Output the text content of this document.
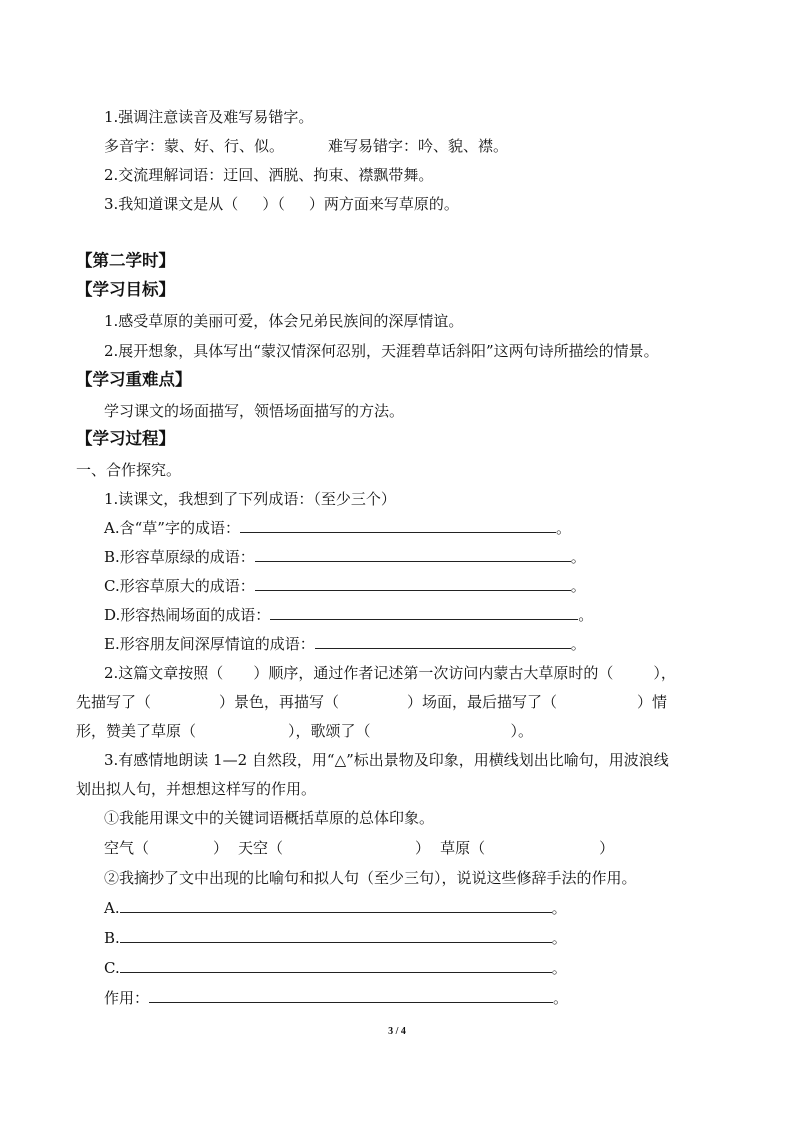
1.强调注意读音及难写易错字。
多音字：蒙、好、行、似。	难写易错字：吟、貌、襟。
2.交流理解词语：迂回、洒脱、拘束、襟飘带舞。
3.我知道课文是从（ ）（ ）两方面来写草原的。
【第二学时】
【学习目标】
1.感受草原的美丽可爱，体会兄弟民族间的深厚情谊。
2.展开想象，具体写出“蒙汉情深何忍别，天涯碧草话斜阳”这两句诗所描绘的情景。
【学习重难点】
学习课文的场面描写，领悟场面描写的方法。
【学习过程】
一、合作探究。
1.读课文，我想到了下列成语：（至少三个）
A.含“草”字的成语：	。
B.形容草原绿的成语：	。
C.形容草原大的成语：	。
D.形容热闹场面的成语：	。
E.形容朋友间深厚情谊的成语：	。
2.这篇文章按照（ ）顺序，通过作者记述第一次访问内蒙古大草原时的（	），
先描写了（	）景色，再描写（	）场面，最后描写了（	）情
形，赞美了草原（	），歌颂了（	）。
3.有感情地朗读 1—2 自然段，用“△”标出景物及印象，用横线划出比喻句，用波浪线
划出拟人句，并想想这样写的作用。
①我能用课文中的关键词语概括草原的总体印象。
空气（	） 天空（	） 草原（	）
②我摘抄了文中出现的比喻句和拟人句（至少三句），说说这些修辞手法的作用。
A.	。
B.	。
C.	。
作用：	。
3 / 4
